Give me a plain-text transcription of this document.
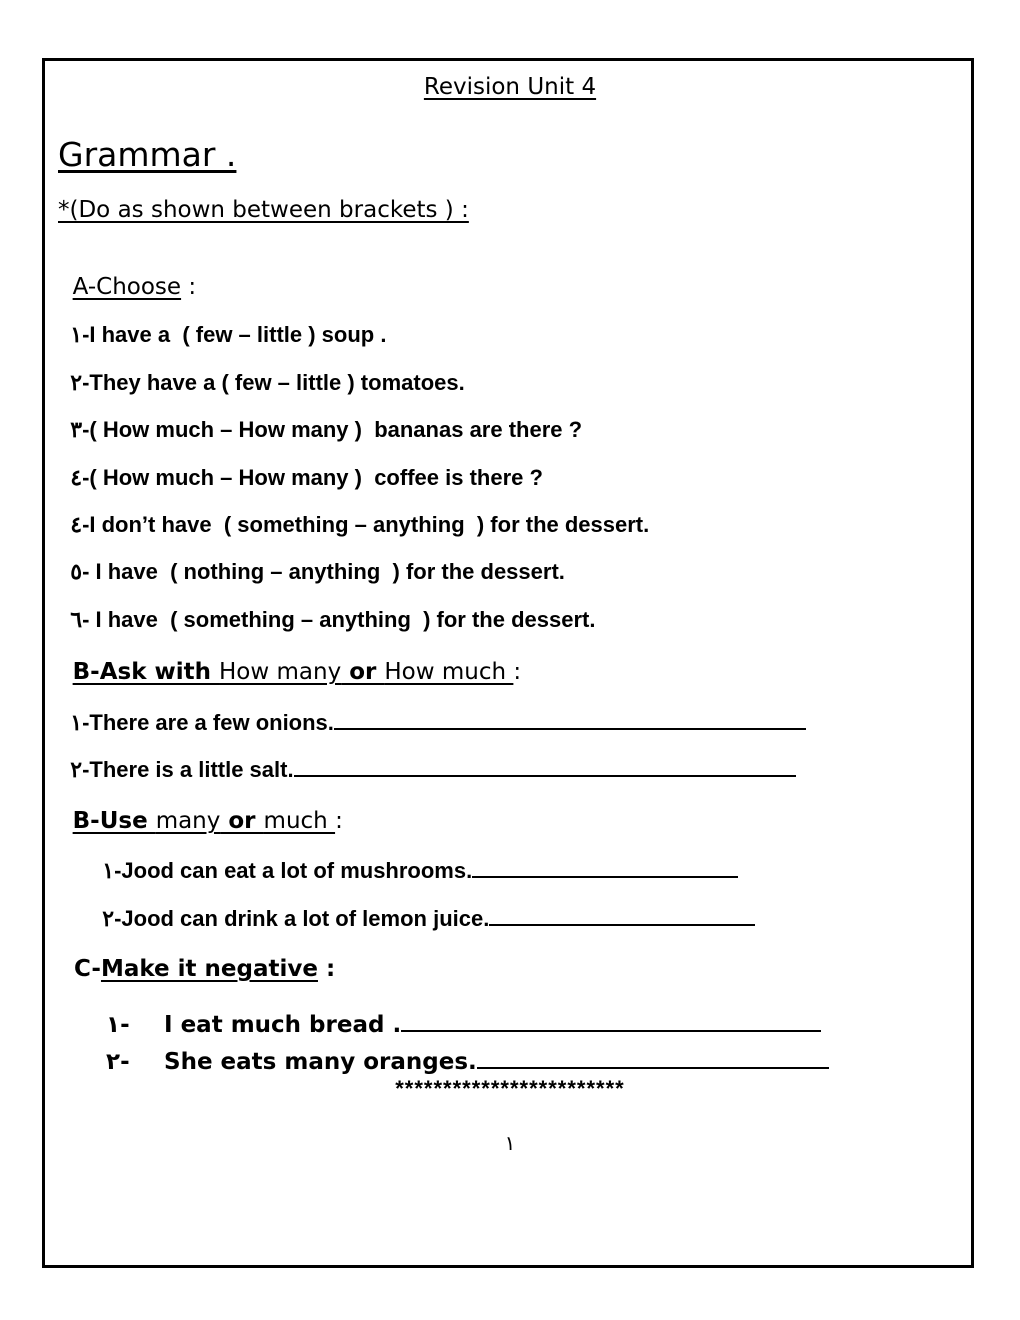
Revision Unit 4
Grammar .
*(Do as shown between brackets ) :

A-Choose :

١-I have a  ( few – little ) soup .

٢-They have a ( few – little ) tomatoes.

٣-( How much – How many )  bananas are there ?

٤-( How much – How many )  coffee is there ?

٤-I don’t have  ( something – anything  ) for the dessert.

٥- I have  ( nothing – anything  ) for the dessert.

٦- I have  ( something – anything  ) for the dessert.

B-Ask with How many or How much :

١-There are a few onions.

٢-There is a little salt.

B-Use many or much :

١-Jood can eat a lot of mushrooms.

٢-Jood can drink a lot of lemon juice.

C-Make it negative :

١- I eat much bread .

٢- She eats many oranges.

************************
١
